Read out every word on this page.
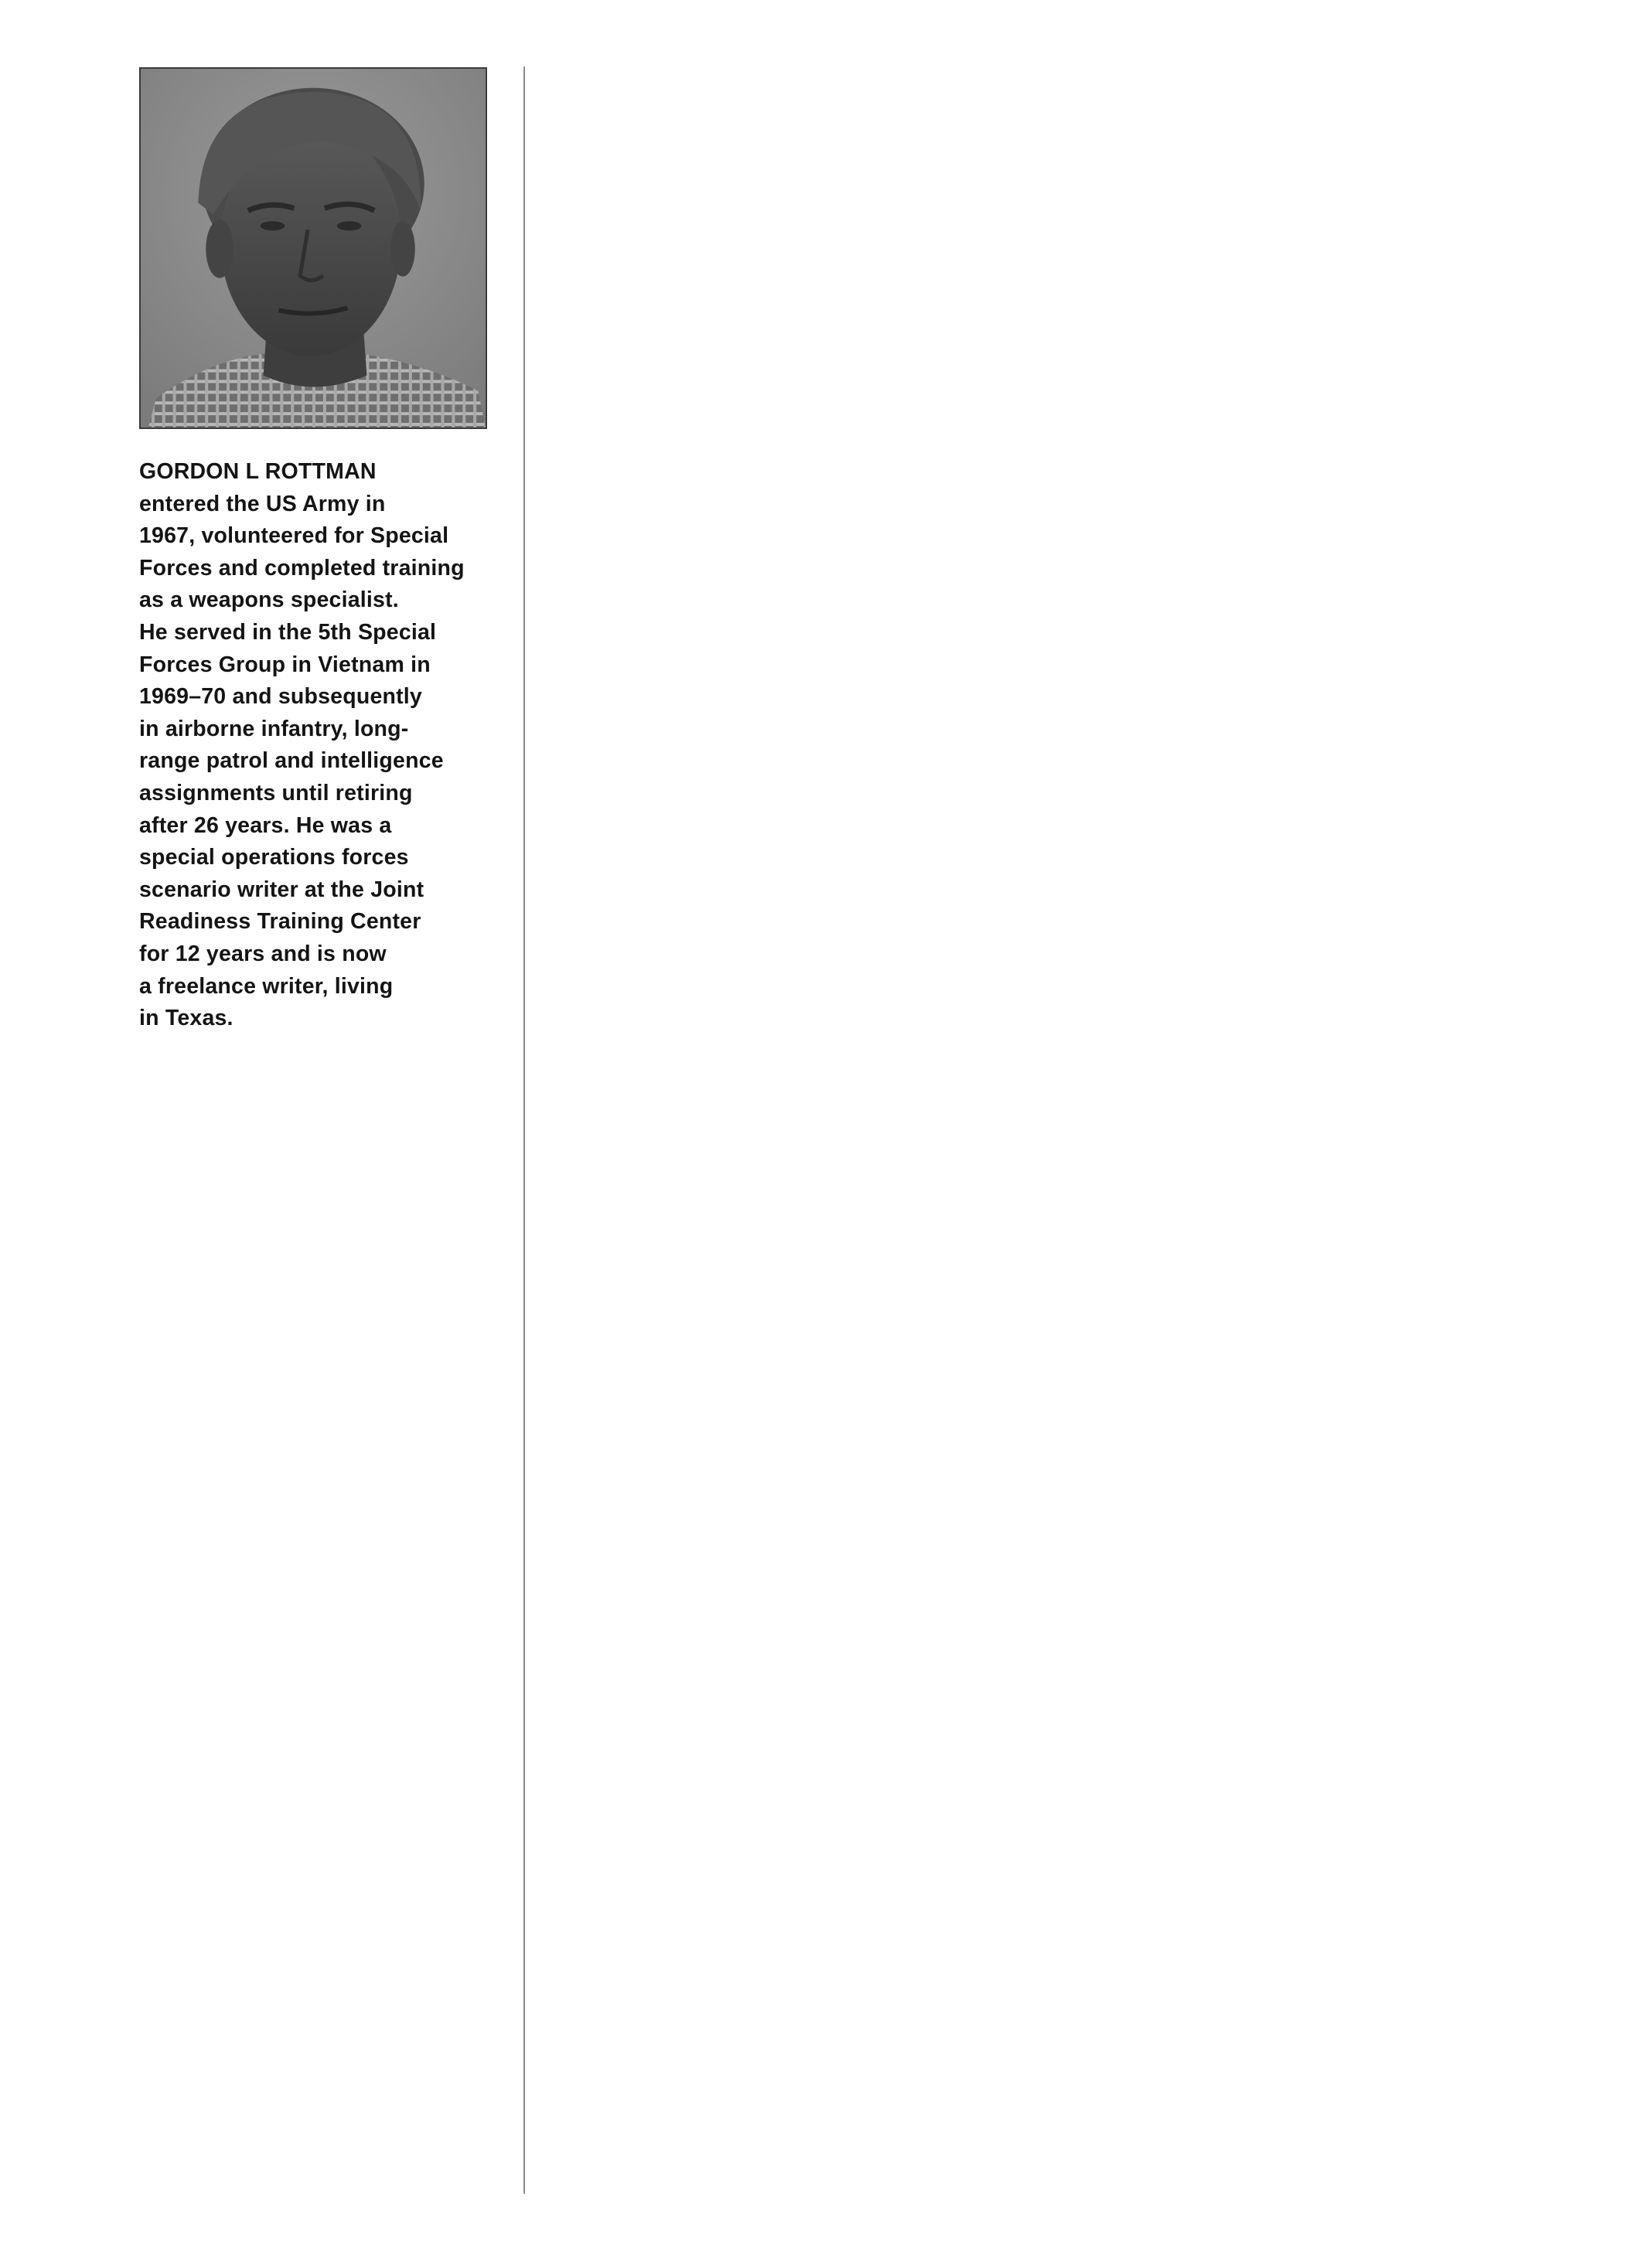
GORDON L ROTTMAN
entered the US Army in
1967, volunteered for Special
Forces and completed training
as a weapons specialist.
He served in the 5th Special
Forces Group in Vietnam in
1969–70 and subsequently
in airborne infantry, long-
range patrol and intelligence
assignments until retiring
after 26 years. He was a
special operations forces
scenario writer at the Joint
Readiness Training Center
for 12 years and is now
a freelance writer, living
in Texas.
